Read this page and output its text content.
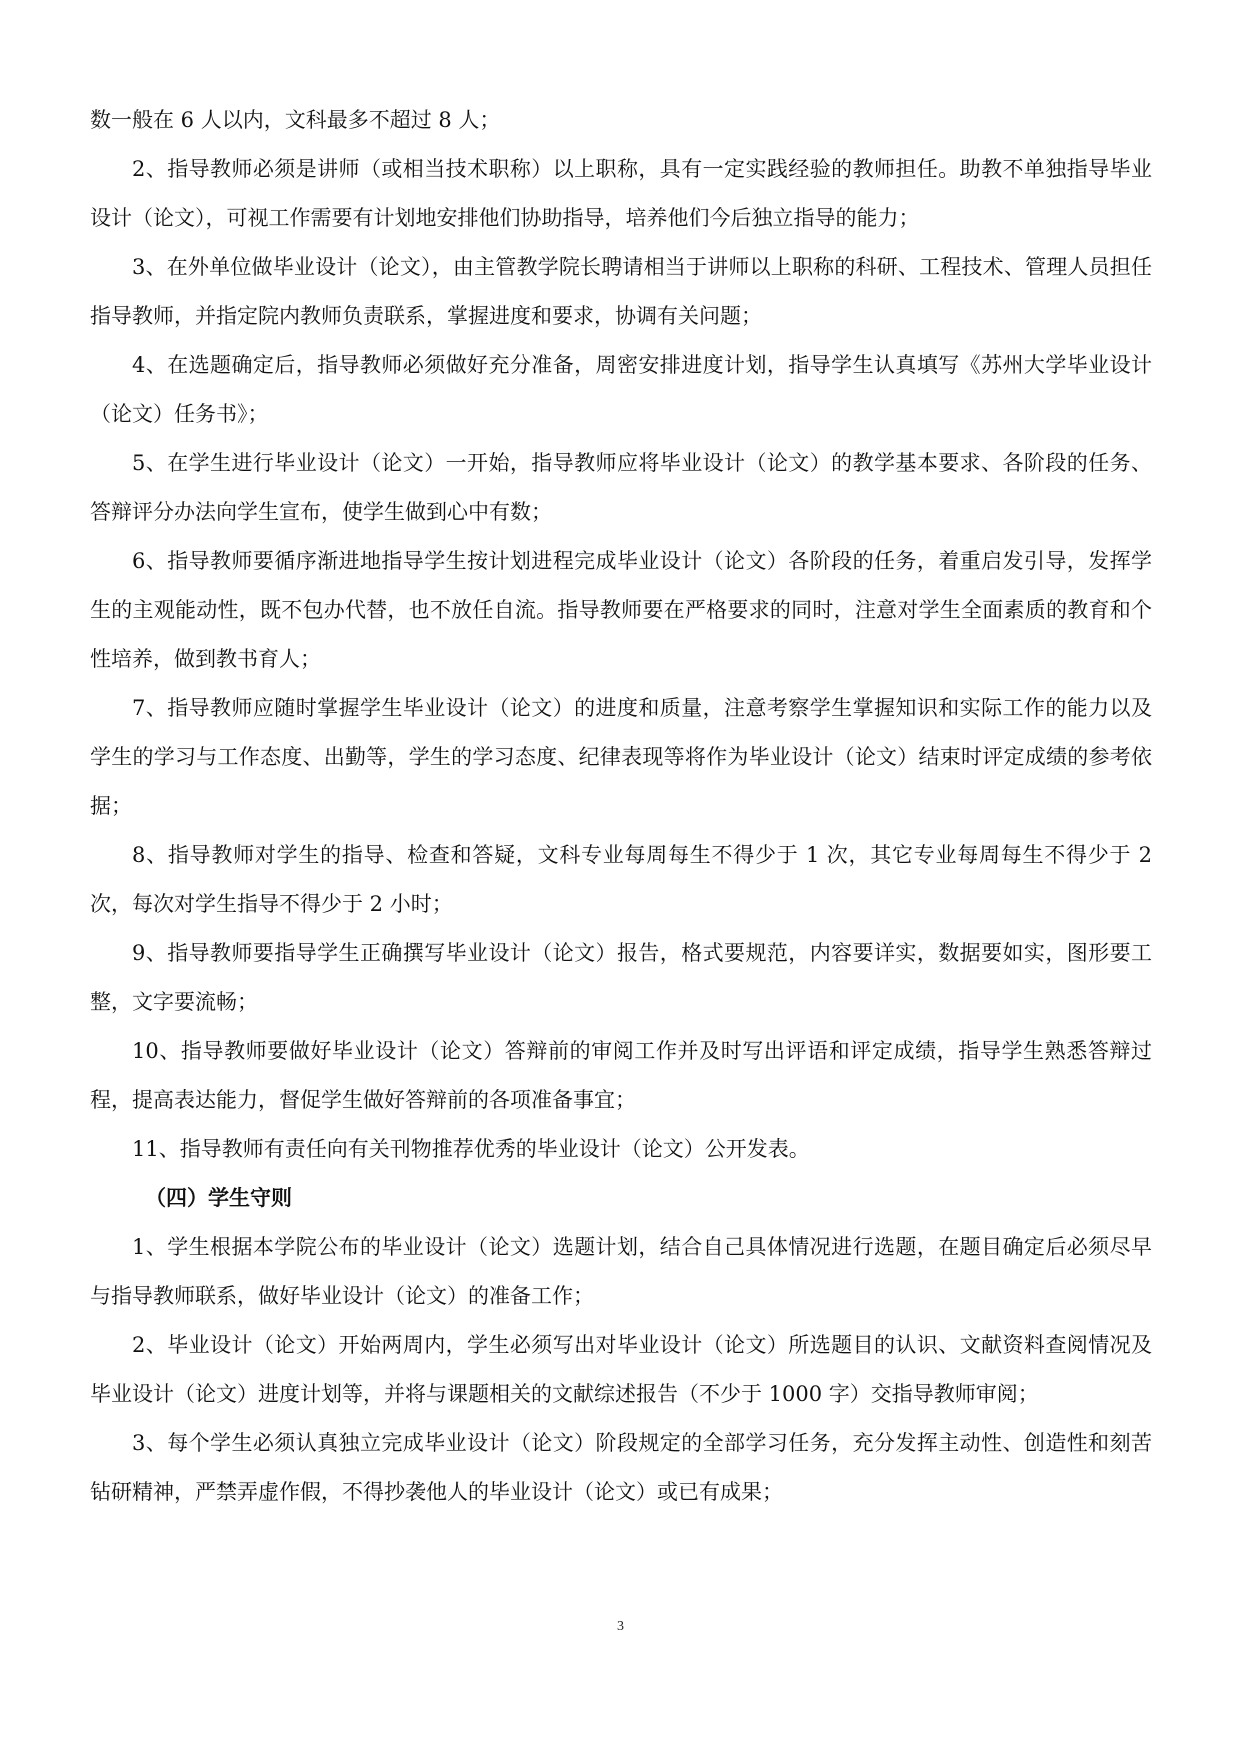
数一般在 6 人以内，文科最多不超过 8 人；

2、指导教师必须是讲师（或相当技术职称）以上职称，具有一定实践经验的教师担任。助教不单独指导毕业设计（论文），可视工作需要有计划地安排他们协助指导，培养他们今后独立指导的能力；

3、在外单位做毕业设计（论文），由主管教学院长聘请相当于讲师以上职称的科研、工程技术、管理人员担任指导教师，并指定院内教师负责联系，掌握进度和要求，协调有关问题；

4、在选题确定后，指导教师必须做好充分准备，周密安排进度计划，指导学生认真填写《苏州大学毕业设计（论文）任务书》；

5、在学生进行毕业设计（论文）一开始，指导教师应将毕业设计（论文）的教学基本要求、各阶段的任务、答辩评分办法向学生宣布，使学生做到心中有数；

6、指导教师要循序渐进地指导学生按计划进程完成毕业设计（论文）各阶段的任务，着重启发引导，发挥学生的主观能动性，既不包办代替，也不放任自流。指导教师要在严格要求的同时，注意对学生全面素质的教育和个性培养，做到教书育人；

7、指导教师应随时掌握学生毕业设计（论文）的进度和质量，注意考察学生掌握知识和实际工作的能力以及学生的学习与工作态度、出勤等，学生的学习态度、纪律表现等将作为毕业设计（论文）结束时评定成绩的参考依据；

8、指导教师对学生的指导、检查和答疑，文科专业每周每生不得少于 1 次，其它专业每周每生不得少于 2 次，每次对学生指导不得少于 2 小时；

9、指导教师要指导学生正确撰写毕业设计（论文）报告，格式要规范，内容要详实，数据要如实，图形要工整，文字要流畅；

10、指导教师要做好毕业设计（论文）答辩前的审阅工作并及时写出评语和评定成绩，指导学生熟悉答辩过程，提高表达能力，督促学生做好答辩前的各项准备事宜；

11、指导教师有责任向有关刊物推荐优秀的毕业设计（论文）公开发表。

（四）学生守则

1、学生根据本学院公布的毕业设计（论文）选题计划，结合自己具体情况进行选题，在题目确定后必须尽早与指导教师联系，做好毕业设计（论文）的准备工作；

2、毕业设计（论文）开始两周内，学生必须写出对毕业设计（论文）所选题目的认识、文献资料查阅情况及毕业设计（论文）进度计划等，并将与课题相关的文献综述报告（不少于 1000 字）交指导教师审阅；

3、每个学生必须认真独立完成毕业设计（论文）阶段规定的全部学习任务，充分发挥主动性、创造性和刻苦钻研精神，严禁弄虚作假，不得抄袭他人的毕业设计（论文）或已有成果；

3
